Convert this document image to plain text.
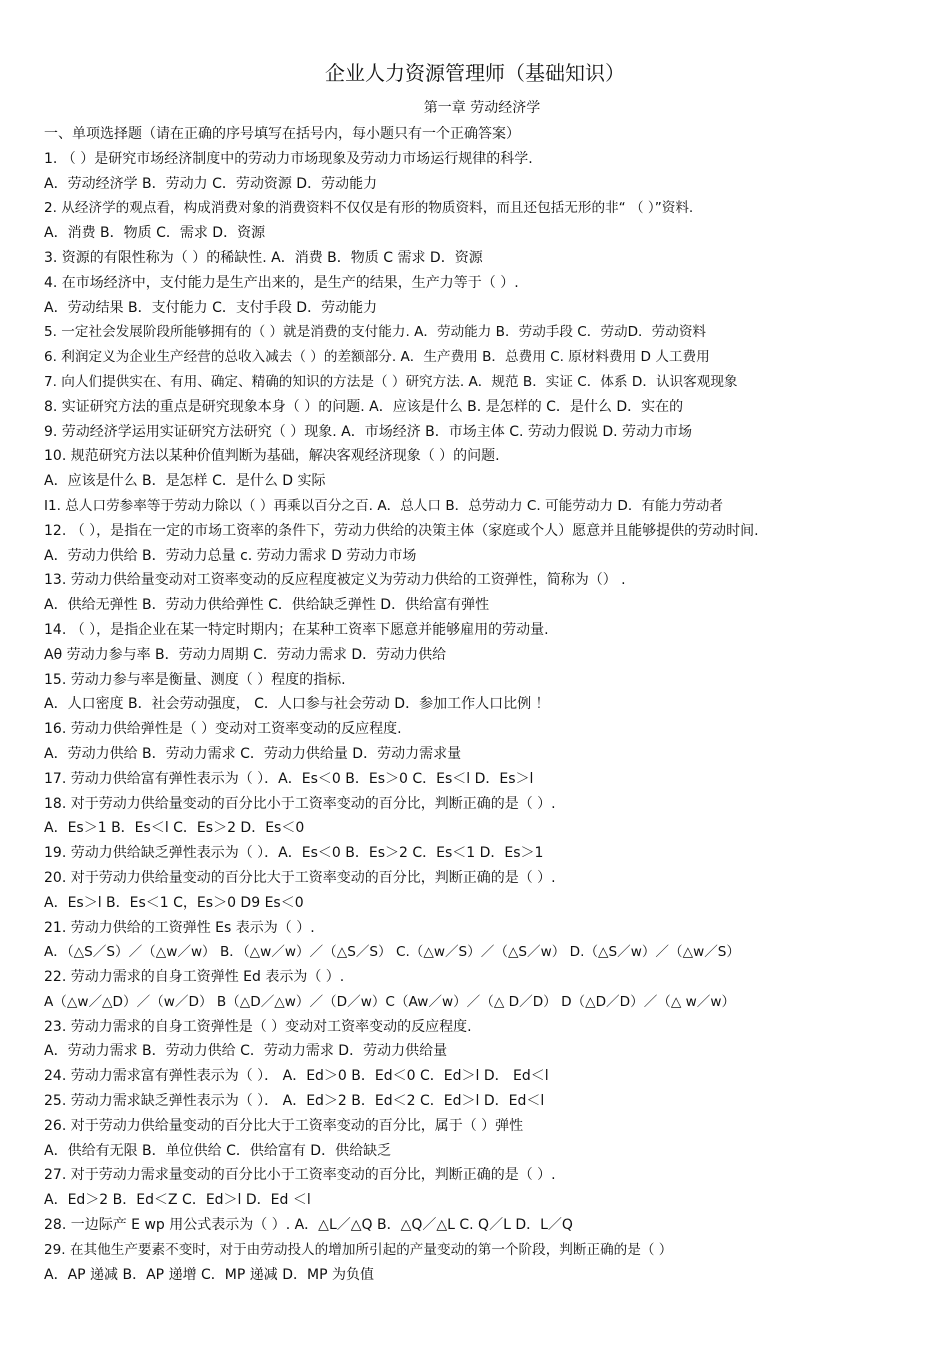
企业人力资源管理师（基础知识）
第一章 劳动经济学
一、单项选择题（请在正确的序号填写在括号内，每小题只有一个正确答案）
1. （ ）是研究市场经济制度中的劳动力市场现象及劳动力市场运行规律的科学.
A．劳动经济学 B．劳动力 C．劳动资源 D．劳动能力
2. 从经济学的观点看，构成消费对象的消费资料不仅仅是有形的物质资料，而且还包括无形的非“ （ ）”资料.
A．消费 B．物质 C．需求 D．资源
3. 资源的有限性称为（ ）的稀缺性. A．消费 B．物质 C 需求 D．资源
4. 在市场经济中，支付能力是生产出来的，是生产的结果，生产力等于（ ）.
A．劳动结果 B．支付能力 C．支付手段 D．劳动能力
5. 一定社会发展阶段所能够拥有的（ ）就是消费的支付能力. A．劳动能力 B．劳动手段 C．劳动D．劳动资料
6. 利润定义为企业生产经营的总收入减去（ ）的差额部分. A．生产费用 B．总费用 C. 原材料费用 D 人工费用
7. 向人们提供实在、有用、确定、精确的知识的方法是（ ）研究方法. A．规范 B．实证 C．体系 D．认识客观现象
8. 实证研究方法的重点是研究现象本身（ ）的问题. A．应该是什么 B. 是怎样的 C．是什么 D．实在的
9. 劳动经济学运用实证研究方法研究（ ）现象. A．市场经济 B．市场主体 C. 劳动力假说 D. 劳动力市场
10. 规范研究方法以某种价值判断为基础，解决客观经济现象（ ）的问题.
A．应该是什么 B．是怎样 C．是什么 D 实际
I1. 总人口劳参率等于劳动力除以（ ）再乘以百分之百. A．总人口 B．总劳动力 C. 可能劳动力 D．有能力劳动者
12. （ ），是指在一定的市场工资率的条件下，劳动力供给的决策主体（家庭或个人）愿意并且能够提供的劳动时间.
A．劳动力供给 B．劳动力总量 c. 劳动力需求 D 劳动力市场
13. 劳动力供给量变动对工资率变动的反应程度被定义为劳动力供给的工资弹性，简称为（） .
A．供给无弹性 B．劳动力供给弹性 C．供给缺乏弹性 D．供给富有弹性
14. （ ），是指企业在某一特定时期内；在某种工资率下愿意并能够雇用的劳动量.
Aθ 劳动力参与率 B．劳动力周期 C．劳动力需求 D．劳动力供给
15. 劳动力参与率是衡量、测度（ ）程度的指标.
A．人口密度 B．社会劳动强度， C．人口参与社会劳动 D．参加工作人口比例 ！
16. 劳动力供给弹性是（ ）变动对工资率变动的反应程度.
A．劳动力供给 B．劳动力需求 C．劳动力供给量 D．劳动力需求量
17. 劳动力供给富有弹性表示为（ ）．A．Es＜0 B．Es＞0 C．Es＜l D．Es＞l
18. 对于劳动力供给量变动的百分比小于工资率变动的百分比，判断正确的是（ ）.
A．Es＞1 B．Es＜l C．Es＞2 D．Es＜0
19. 劳动力供给缺乏弹性表示为（ ）．A．Es＜0 B．Es＞2 C．Es＜1 D．Es＞1
20. 对于劳动力供给量变动的百分比大于工资率变动的百分比，判断正确的是（ ）.
A．Es＞l B．Es＜1 C，Es＞0 D9 Es＜0
21. 劳动力供给的工资弹性 Es 表示为（ ）.
A．（△S／S）／（△w／w） B．（△w／w）／（△S／S） C.（△w／S）／（△S／w） D.（△S／w）／（△w／S）
22. 劳动力需求的自身工资弹性 Ed 表示为（ ）.
A（△w／△D）／（w／D） B（△D／△w）／（D／w）C（Aw／w）／（△ D／D） D（△D／D）／（△ w／w）
23. 劳动力需求的自身工资弹性是（ ）变动对工资率变动的反应程度.
A．劳动力需求 B．劳动力供给 C．劳动力需求 D．劳动力供给量
24. 劳动力需求富有弹性表示为（ ）． A．Ed＞0 B．Ed＜0 C．Ed＞l D． Ed＜l
25. 劳动力需求缺乏弹性表示为（ ）． A．Ed＞2 B．Ed＜2 C．Ed＞l D．Ed＜l
26. 对于劳动力供给量变动的百分比大于工资率变动的百分比，属于（ ）弹性
A．供给有无限 B．单位供给 C．供给富有 D．供给缺乏
27. 对于劳动力需求量变动的百分比小于工资率变动的百分比，判断正确的是（ ）.
A．Ed＞2 B．Ed＜Z C．Ed＞l D．Ed ＜l
28. 一边际产 E wp 用公式表示为（ ）. A．△L／△Q B．△Q／△L C. Q／L D．L／Q
29. 在其他生产要素不变时，对于由劳动投人的增加所引起的产量变动的第一个阶段，判断正确的是（ ）
A．AP 递减 B．AP 递增 C．MP 递减 D．MP 为负值
